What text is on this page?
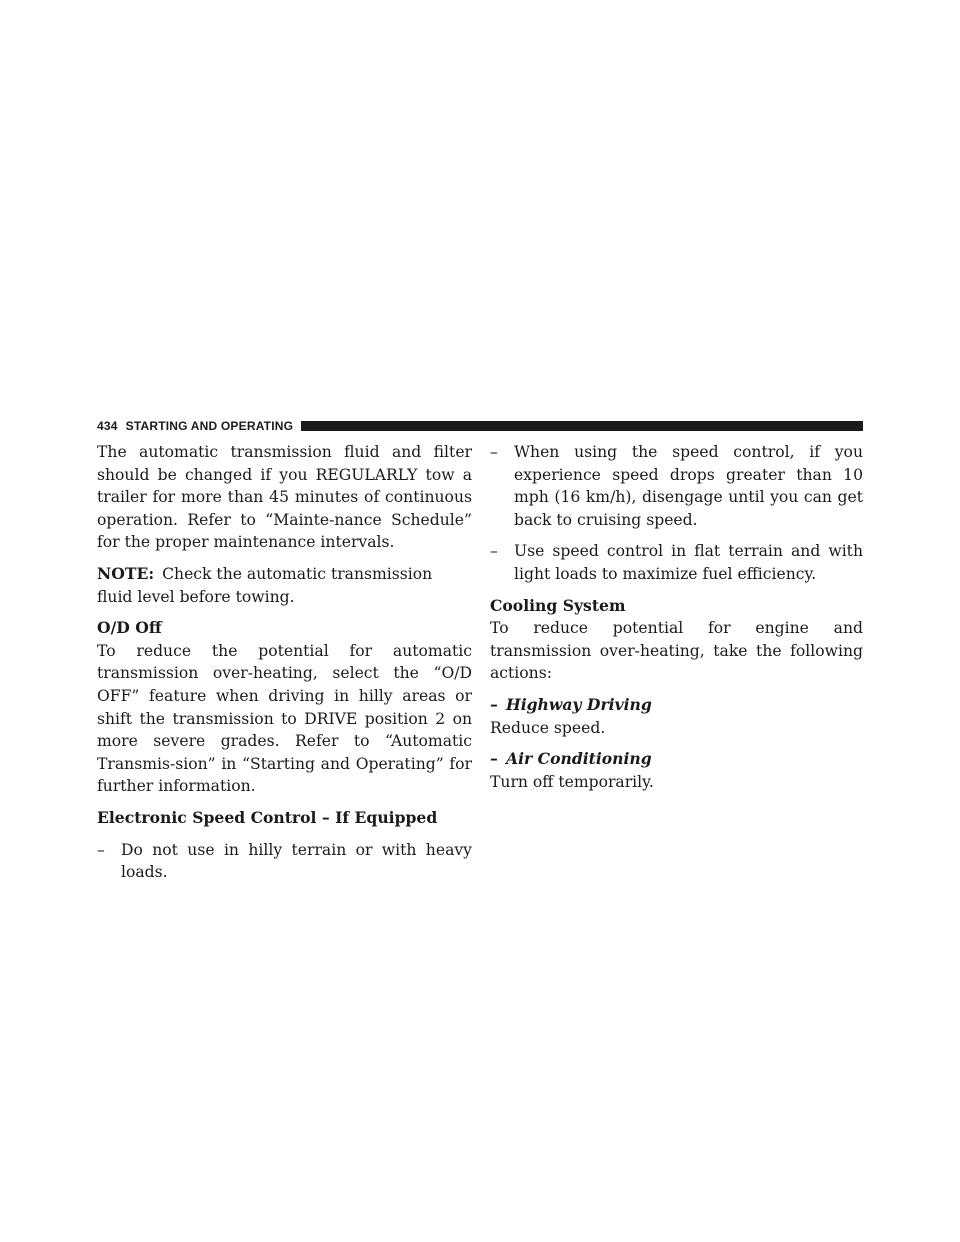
434 STARTING AND OPERATING

The automatic transmission fluid and filter should be changed if you REGULARLY tow a trailer for more than 45 minutes of continuous operation. Refer to “Mainte-nance Schedule” for the proper maintenance intervals.

NOTE: Check the automatic transmission fluid level before towing.

O/D Off

To reduce the potential for automatic transmission over-heating, select the “O/D OFF” feature when driving in hilly areas or shift the transmission to DRIVE position 2 on more severe grades. Refer to “Automatic Transmis-sion” in “Starting and Operating” for further information.

Electronic Speed Control – If Equipped
– Do not use in hilly terrain or with heavy loads.
– When using the speed control, if you experience speed drops greater than 10 mph (16 km/h), disengage until you can get back to cruising speed.
– Use speed control in flat terrain and with light loads to maximize fuel efficiency.
Cooling System

To reduce potential for engine and transmission over-heating, take the following actions:

– Highway Driving

Reduce speed.

– Air Conditioning

Turn off temporarily.
